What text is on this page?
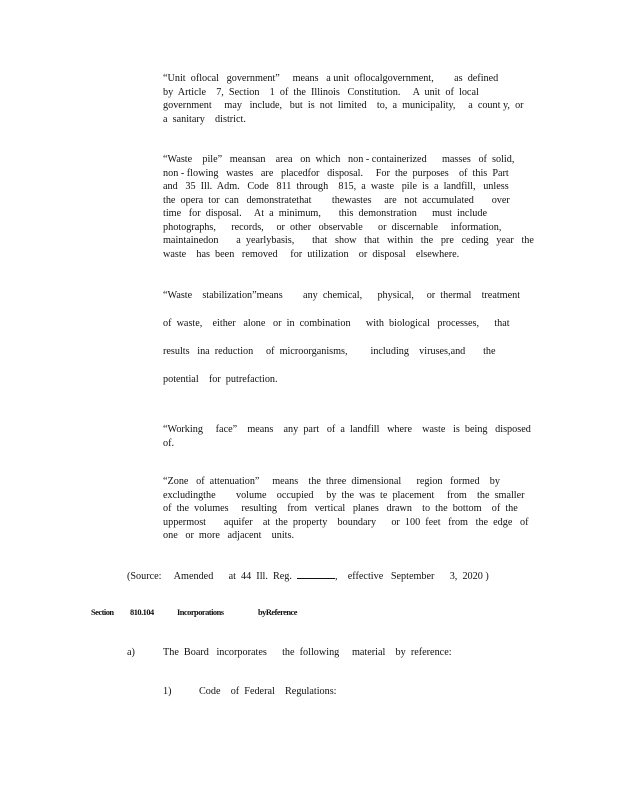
“Unit  oflocal   government”     means   a unit  oflocalgovernment,        as  defined
by  Article    7,  Section    1  of  the  Illinois   Constitution.     A  unit  of  local
government     may   include,   but  is  not  limited    to,  a  municipality,     a  count y,  or
a  sanitary    district.
“Waste    pile”   meansan    area   on  which   non - containerized      masses   of  solid,
non - flowing   wastes   are   placedfor   disposal.     For  the  purposes    of  this  Part
and   35  Ill.  Adm.   Code   811  through    815,  a  waste   pile  is  a  landfill,   unless
the  opera  tor  can   demonstratethat        thewastes     are   not  accumulated       over
time   for  disposal.     At  a  minimum,       this  demonstration      must  include
photographs,      records,     or  other   observable      or  discernable     information,
maintainedon       a  yearlybasis,       that   show   that   within   the   pre   ceding   year   the
waste    has  been   removed     for  utilization    or  disposal    elsewhere.
“Waste    stabilization”means        any  chemical,      physical,     or  thermal    treatment
of  waste,    either   alone   or  in  combination      with  biological   processes,      that
results   ina  reduction     of  microorganisms,         including    viruses,and       the
potential    for  putrefaction.
“Working     face”    means    any  part   of  a  landfill   where    waste   is  being   disposed
of.
“Zone   of  attenuation”     means    the  three  dimensional      region   formed    by
excludingthe        volume    occupied     by  the  was  te  placement     from    the  smaller
of  the  volumes     resulting    from   vertical   planes   drawn    to  the  bottom    of  the
uppermost       aquifer    at  the  property    boundary      or  100  feet   from   the  edge   of
one   or  more   adjacent    units.
(Source:     Amended      at  44  Ill.  Reg.	,    effective   September      3,  2020 )

Section

810.104

	Incorporations

	byReference

a)	The  Board   incorporates      the  following     material    by  reference:
1)	Code    of  Federal    Regulations:
